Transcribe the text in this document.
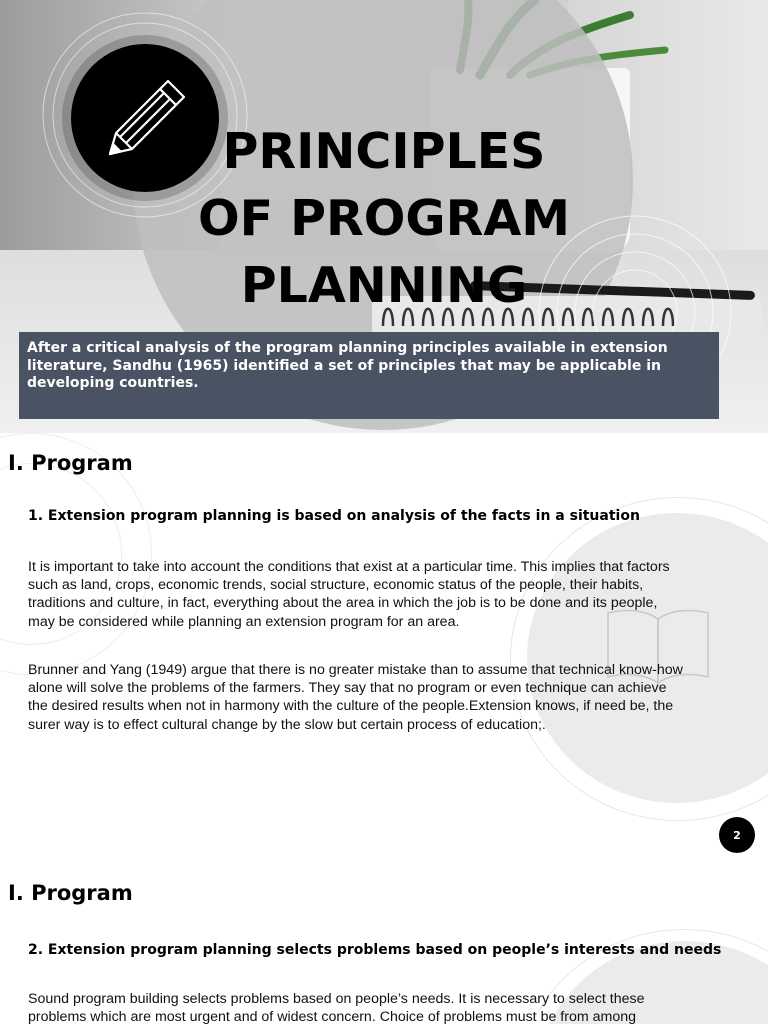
PRINCIPLES
OF PROGRAM
PLANNING

After a critical analysis of the program planning principles available in extension literature, Sandhu (1965) identified a set of principles that may be applicable in developing countries.

I. Program
1. Extension program planning is based on analysis of the facts in a situation

It is important to take into account the conditions that exist at a particular time. This implies that factors such as land, crops, economic trends, social structure, economic status of the people, their habits, traditions and culture, in fact, everything about the area in which the job is to be done and its people, may be considered while planning an extension program for an area.

Brunner and Yang (1949) argue that there is no greater mistake than to assume that technical know-how alone will solve the problems of the farmers. They say that no program or even technique can achieve the desired results when not in harmony with the culture of the people.Extension knows, if need be, the surer way is to effect cultural change by the slow but certain process of education;.

2
I. Program
2. Extension program planning selects problems based on people’s interests and needs

Sound program building selects problems based on people’s needs. It is necessary to select these problems which are most urgent and of widest concern. Choice of problems must be from among
